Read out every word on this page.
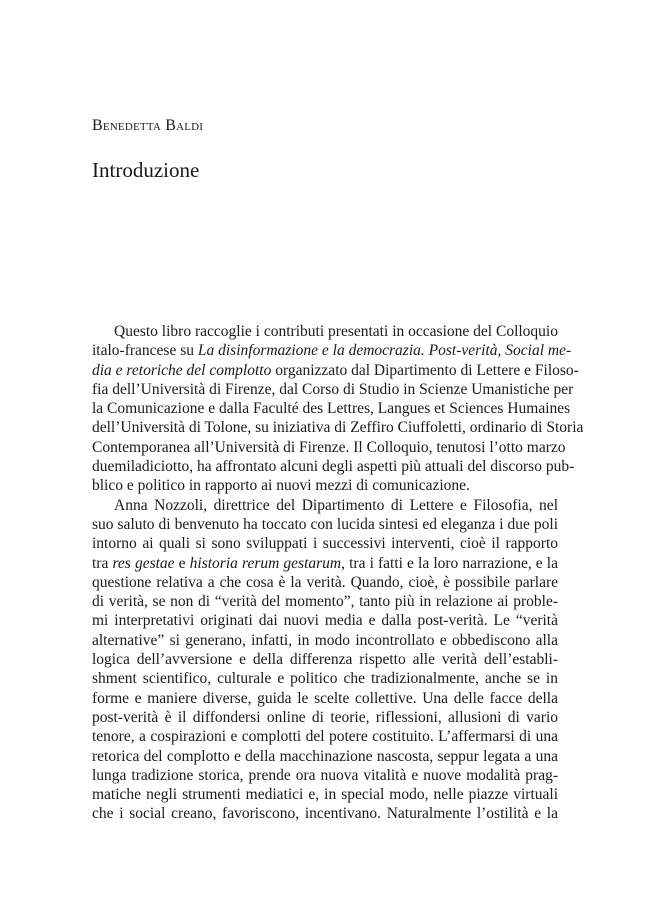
Benedetta Baldi
Introduzione
Questo libro raccoglie i contributi presentati in occasione del Colloquio
italo-francese su La disinformazione e la democrazia. Post-verità, Social me-
dia e retoriche del complotto organizzato dal Dipartimento di Lettere e Filoso-
fia dell’Università di Firenze, dal Corso di Studio in Scienze Umanistiche per
la Comunicazione e dalla Faculté des Lettres, Langues et Sciences Humaines
dell’Università di Tolone, su iniziativa di Zeffiro Ciuffoletti, ordinario di Storia
Contemporanea all’Università di Firenze. Il Colloquio, tenutosi l’otto marzo
duemiladiciotto, ha affrontato alcuni degli aspetti più attuali del discorso pub-
blico e politico in rapporto ai nuovi mezzi di comunicazione.
Anna Nozzoli, direttrice del Dipartimento di Lettere e Filosofia, nel
suo saluto di benvenuto ha toccato con lucida sintesi ed eleganza i due poli
intorno ai quali si sono sviluppati i successivi interventi, cioè il rapporto
tra res gestae e historia rerum gestarum, tra i fatti e la loro narrazione, e la
questione relativa a che cosa è la verità. Quando, cioè, è possibile parlare
di verità, se non di “verità del momento”, tanto più in relazione ai proble-
mi interpretativi originati dai nuovi media e dalla post-verità. Le “verità
alternative” si generano, infatti, in modo incontrollato e obbediscono alla
logica dell’avversione e della differenza rispetto alle verità dell’establi-
shment scientifico, culturale e politico che tradizionalmente, anche se in
forme e maniere diverse, guida le scelte collettive. Una delle facce della
post-verità è il diffondersi online di teorie, riflessioni, allusioni di vario
tenore, a cospirazioni e complotti del potere costituito. L’affermarsi di una
retorica del complotto e della macchinazione nascosta, seppur legata a una
lunga tradizione storica, prende ora nuova vitalità e nuove modalità prag-
matiche negli strumenti mediatici e, in special modo, nelle piazze virtuali
che i social creano, favoriscono, incentivano. Naturalmente l’ostilità e la
